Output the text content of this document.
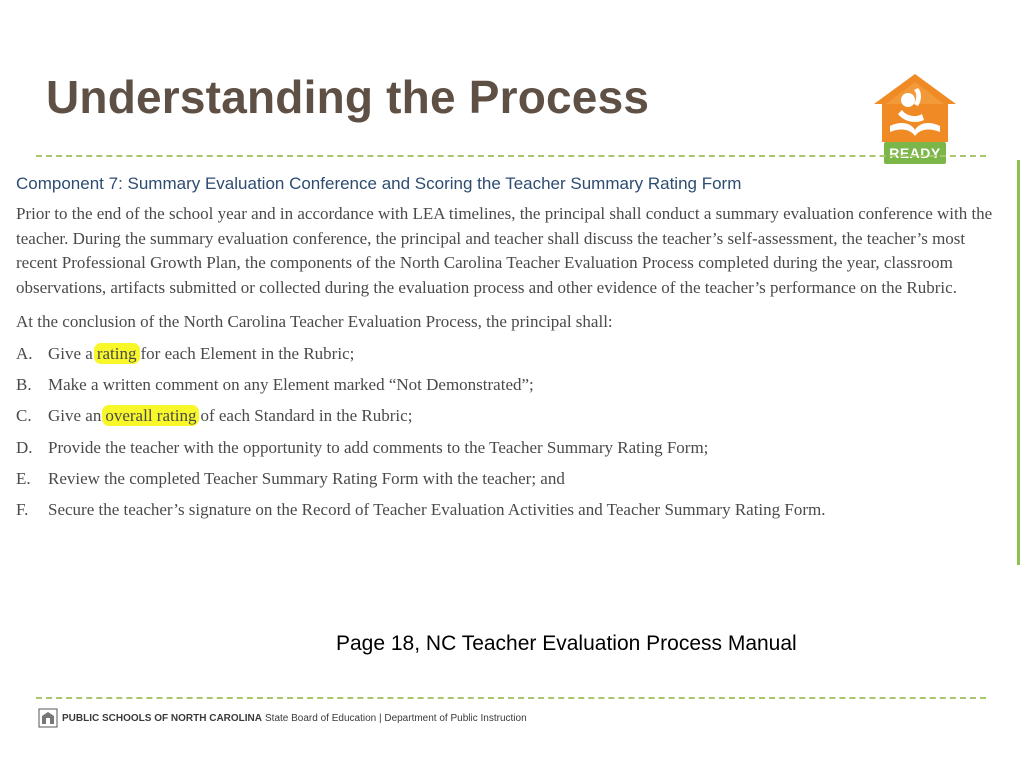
Understanding the Process
READY
Component 7: Summary Evaluation Conference and Scoring the Teacher Summary Rating Form

Prior to the end of the school year and in accordance with LEA timelines, the principal shall conduct a summary evaluation conference with the teacher. During the summary evaluation conference, the principal and teacher shall discuss the teacher’s self-assessment, the teacher’s most recent Professional Growth Plan, the components of the North Carolina Teacher Evaluation Process completed during the year, classroom observations, artifacts submitted or collected during the evaluation process and other evidence of the teacher’s performance on the Rubric.

At the conclusion of the North Carolina Teacher Evaluation Process, the principal shall:
A. Give a rating for each Element in the Rubric;
B. Make a written comment on any Element marked “Not Demonstrated”;
C. Give an overall rating of each Standard in the Rubric;
D. Provide the teacher with the opportunity to add comments to the Teacher Summary Rating Form;
E.	Review the completed Teacher Summary Rating Form with the teacher; and
F.	Secure the teacher’s signature on the Record of Teacher Evaluation Activities and Teacher Summary Rating Form.
Page 18, NC Teacher Evaluation Process Manual
PUBLIC SCHOOLS OF NORTH CAROLINA State Board of Education | Department of Public Instruction
